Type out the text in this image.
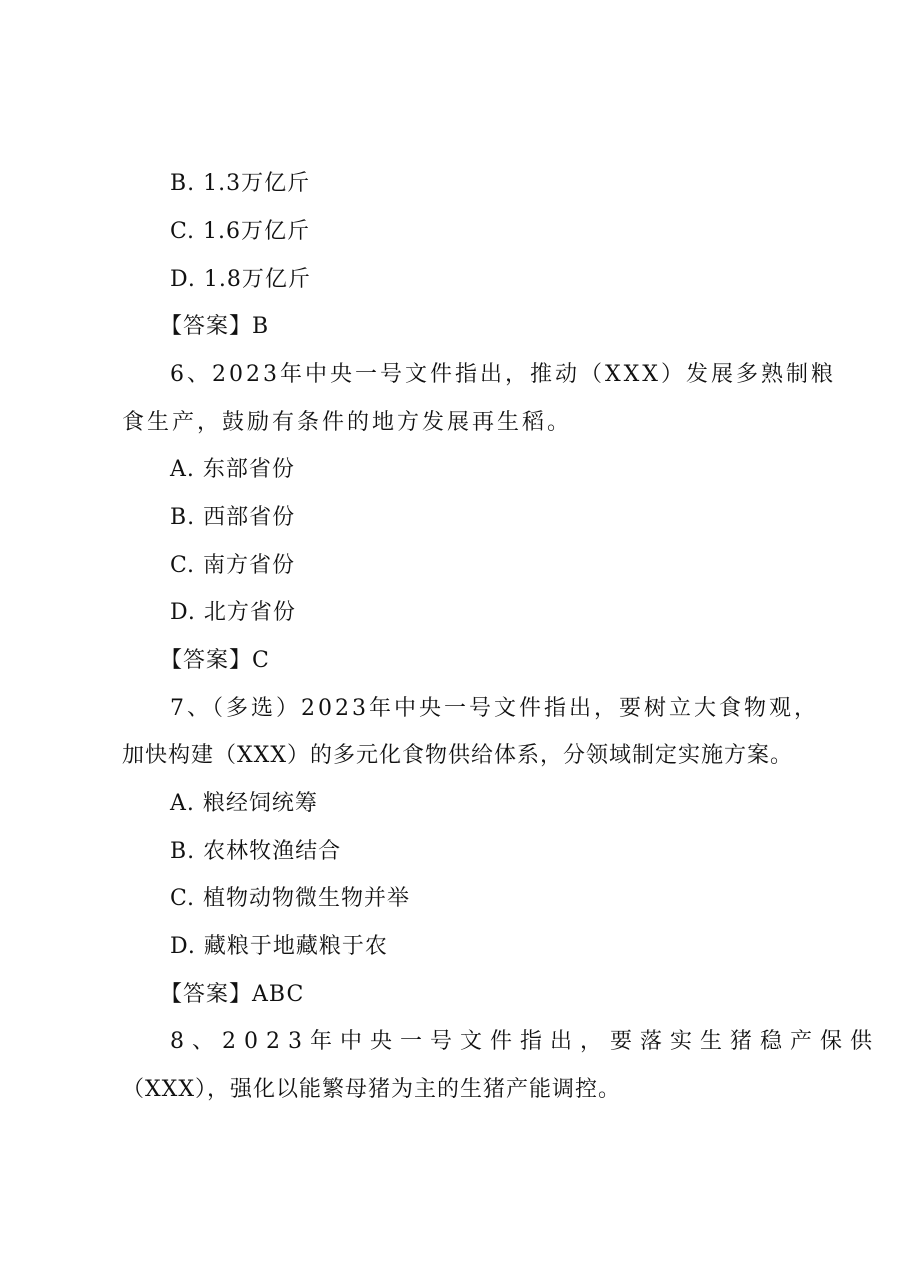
B. 1.3万亿斤
C. 1.6万亿斤
D. 1.8万亿斤
【答案】B
6、2023年中央一号文件指出，推动（XXX）发展多熟制粮
食生产，鼓励有条件的地方发展再生稻。
A. 东部省份
B. 西部省份
C. 南方省份
D. 北方省份
【答案】C
7、（多选）2023年中央一号文件指出，要树立大食物观，
加快构建（XXX）的多元化食物供给体系，分领域制定实施方案。
A. 粮经饲统筹
B. 农林牧渔结合
C. 植物动物微生物并举
D. 藏粮于地藏粮于农
【答案】ABC
8、2023年中央一号文件指出，要落实生猪稳产保供
（XXX），强化以能繁母猪为主的生猪产能调控。
